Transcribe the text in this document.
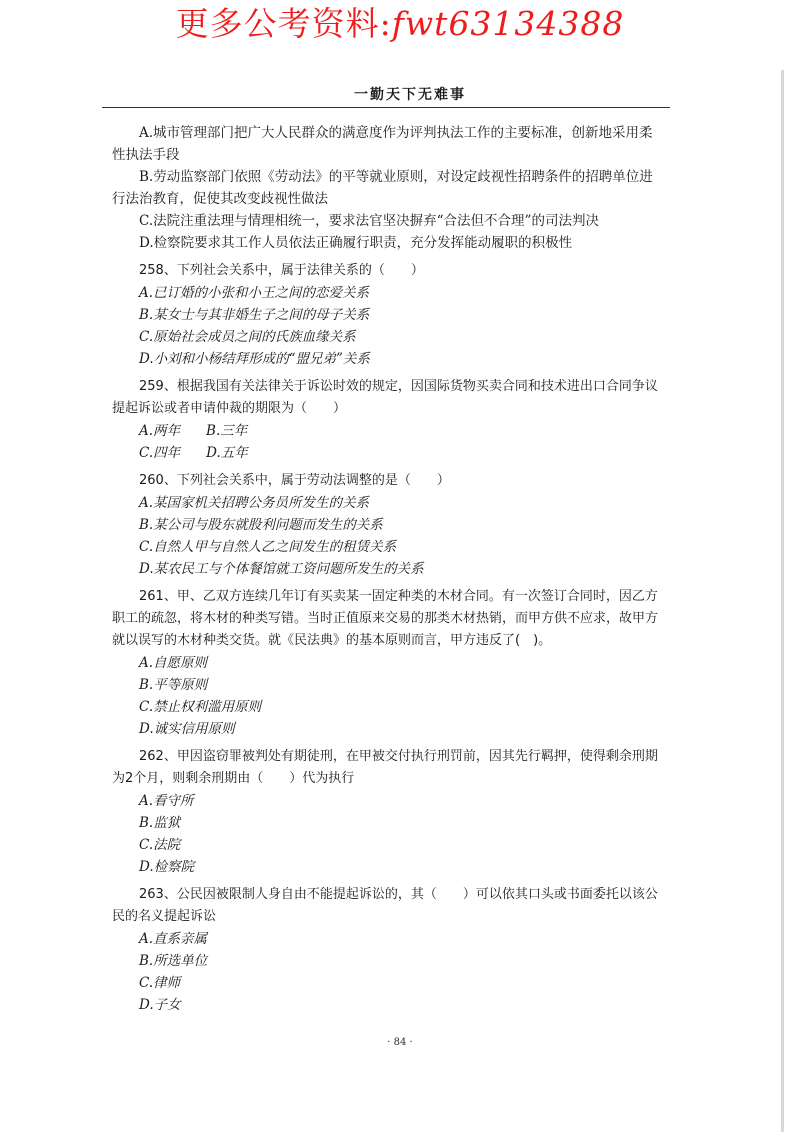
更多公考资料:fwt63134388
一勤天下无难事

A.城市管理部门把广大人民群众的满意度作为评判执法工作的主要标准，创新地采用柔性执法手段

B.劳动监察部门依照《劳动法》的平等就业原则，对设定歧视性招聘条件的招聘单位进行法治教育，促使其改变歧视性做法

C.法院注重法理与情理相统一，要求法官坚决摒弃“合法但不合理”的司法判决

D.检察院要求其工作人员依法正确履行职责，充分发挥能动履职的积极性

258、下列社会关系中，属于法律关系的（　　）

A.已订婚的小张和小王之间的恋爱关系

B.某女士与其非婚生子之间的母子关系

C.原始社会成员之间的氏族血缘关系

D.小刘和小杨结拜形成的“盟兄弟”关系

259、根据我国有关法律关于诉讼时效的规定，因国际货物买卖合同和技术进出口合同争议提起诉讼或者申请仲裁的期限为（　　）

A.两年 B.三年

C.四年 D.五年

260、下列社会关系中，属于劳动法调整的是（　　）

A.某国家机关招聘公务员所发生的关系

B.某公司与股东就股利问题而发生的关系

C.自然人甲与自然人乙之间发生的租赁关系

D.某农民工与个体餐馆就工资问题所发生的关系

261、甲、乙双方连续几年订有买卖某一固定种类的木材合同。有一次签订合同时，因乙方职工的疏忽，将木材的种类写错。当时正值原来交易的那类木材热销，而甲方供不应求，故甲方就以误写的木材种类交货。就《民法典》的基本原则而言，甲方违反了(　)。

A.自愿原则

B.平等原则

C.禁止权利滥用原则

D.诚实信用原则

262、甲因盗窃罪被判处有期徒刑，在甲被交付执行刑罚前，因其先行羁押，使得剩余刑期为2个月，则剩余刑期由（　　）代为执行

A.看守所

B.监狱

C.法院

D.检察院

263、公民因被限制人身自由不能提起诉讼的，其（　　）可以依其口头或书面委托以该公民的名义提起诉讼

A.直系亲属

B.所选单位

C.律师

D.子女

· 84 ·
